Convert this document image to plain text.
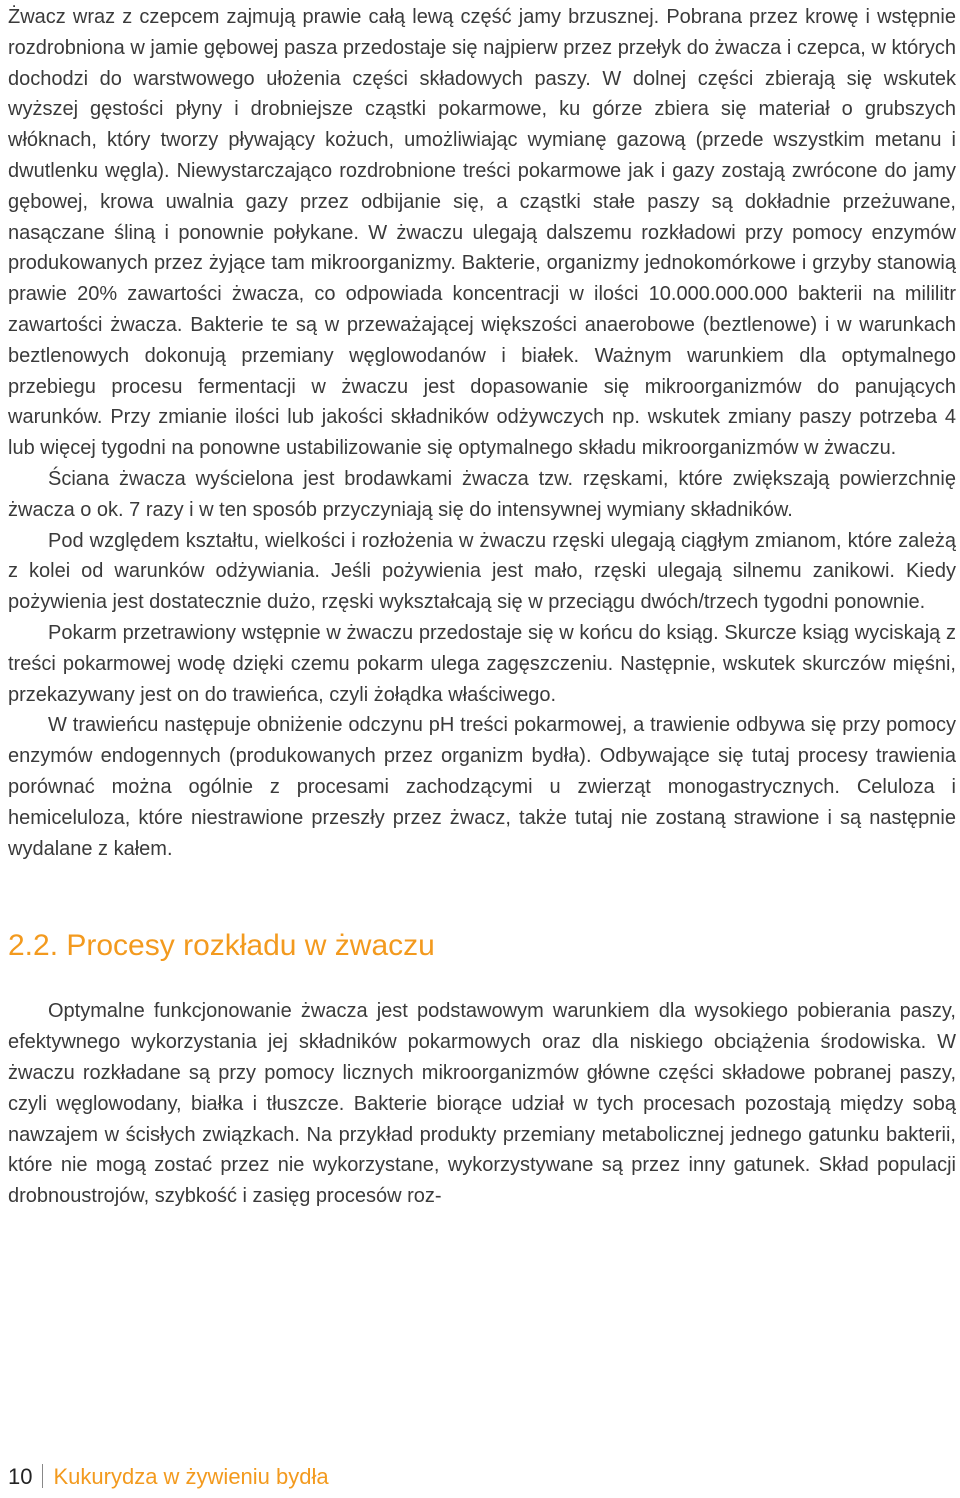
Żwacz wraz z czepcem zajmują prawie całą lewą część jamy brzusznej. Pobrana przez krowę i wstępnie rozdrobniona w jamie gębowej pasza przedostaje się najpierw przez przełyk do żwacza i czepca, w których dochodzi do warstwowego ułożenia części składowych paszy. W dolnej części zbierają się wskutek wyższej gęstości płyny i drobniejsze cząstki pokarmowe, ku górze zbiera się materiał o grubszych włóknach, który tworzy pływający kożuch, umożliwiając wymianę gazową (przede wszystkim metanu i dwutlenku węgla). Niewystarczająco rozdrobnione treści pokarmowe jak i gazy zostają zwrócone do jamy gębowej, krowa uwalnia gazy przez odbijanie się, a cząstki stałe paszy są dokładnie przeżuwane, nasączane śliną i ponownie połykane. W żwaczu ulegają dalszemu rozkładowi przy pomocy enzymów produkowanych przez żyjące tam mikroorganizmy. Bakterie, organizmy jednokomórkowe i grzyby stanowią prawie 20% zawartości żwacza, co odpowiada koncentracji w ilości 10.000.000.000 bakterii na mililitr zawartości żwacza. Bakterie te są w przeważającej większości anaerobowe (beztlenowe) i w warunkach beztlenowych dokonują przemiany węglowodanów i białek. Ważnym warunkiem dla optymalnego przebiegu procesu fermentacji w żwaczu jest dopasowanie się mikroorganizmów do panujących warunków. Przy zmianie ilości lub jakości składników odżywczych np. wskutek zmiany paszy potrzeba 4 lub więcej tygodni na ponowne ustabilizowanie się optymalnego składu mikroorganizmów w żwaczu.

Ściana żwacza wyścielona jest brodawkami żwacza tzw. rzęskami, które zwiększają powierzchnię żwacza o ok. 7 razy i w ten sposób przyczyniają się do intensywnej wymiany składników.

Pod względem kształtu, wielkości i rozłożenia w żwaczu rzęski ulegają ciągłym zmianom, które zależą z kolei od warunków odżywiania. Jeśli pożywienia jest mało, rzęski ulegają silnemu zanikowi. Kiedy pożywienia jest dostatecznie dużo, rzęski wykształcają się w przeciągu dwóch/trzech tygodni ponownie.

Pokarm przetrawiony wstępnie w żwaczu przedostaje się w końcu do ksiąg. Skurcze ksiąg wyciskają z treści pokarmowej wodę dzięki czemu pokarm ulega zagęszczeniu. Następnie, wskutek skurczów mięśni, przekazywany jest on do trawieńca, czyli żołądka właściwego.

W trawieńcu następuje obniżenie odczynu pH treści pokarmowej, a trawienie odbywa się przy pomocy enzymów endogennych (produkowanych przez organizm bydła). Odbywające się tutaj procesy trawienia porównać można ogólnie z procesami zachodzącymi u zwierząt monogastrycznych. Celuloza i hemiceluloza, które niestrawione przeszły przez żwacz, także tutaj nie zostaną strawione i są następnie wydalane z kałem.

2.2. Procesy rozkładu w żwaczu

Optymalne funkcjonowanie żwacza jest podstawowym warunkiem dla wysokiego pobierania paszy, efektywnego wykorzystania jej składników pokarmowych oraz dla niskiego obciążenia środowiska. W żwaczu rozkładane są przy pomocy licznych mikroorganizmów główne części składowe pobranej paszy, czyli węglowodany, białka i tłuszcze. Bakterie biorące udział w tych procesach pozostają między sobą nawzajem w ścisłych związkach. Na przykład produkty przemiany metabolicznej jednego gatunku bakterii, które nie mogą zostać przez nie wykorzystane, wykorzystywane są przez inny gatunek. Skład populacji drobnoustrojów, szybkość i zasięg procesów roz-

10 Kukurydza w żywieniu bydła
